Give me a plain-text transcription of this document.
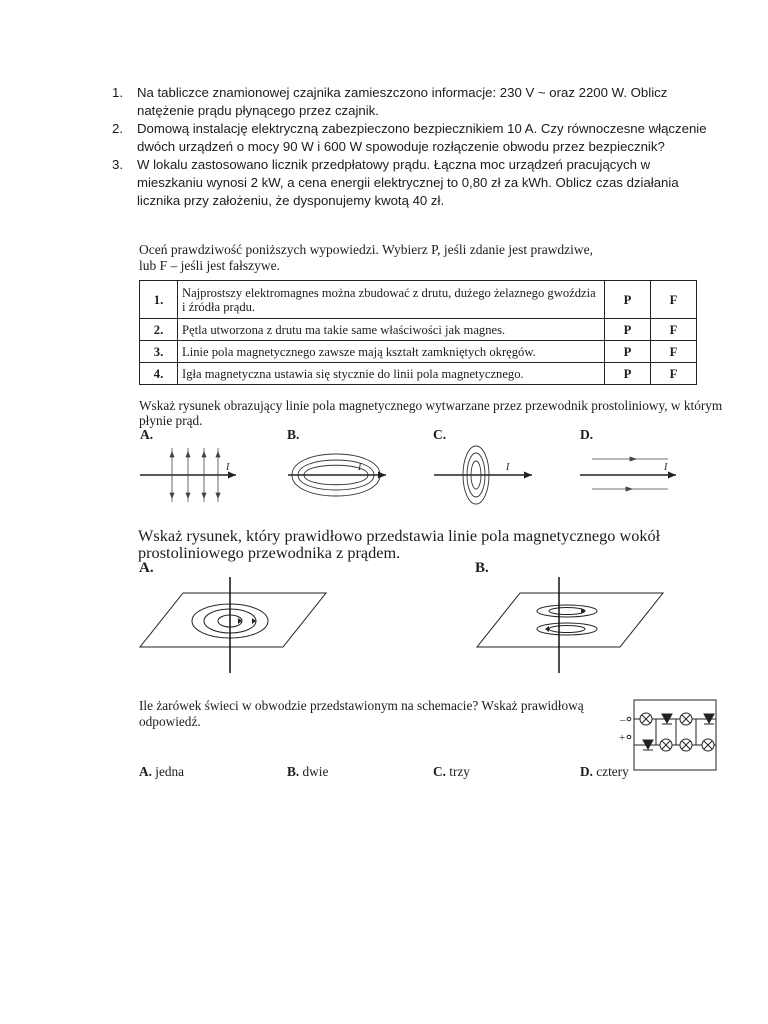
1. Na tabliczce znamionowej czajnika zamieszczono informacje: 230 V ~ oraz 2200 W. Oblicz natężenie prądu płynącego przez czajnik.
2. Domową instalację elektryczną zabezpieczono bezpiecznikiem 10 A. Czy równoczesne włączenie dwóch urządzeń o mocy 90 W i 600 W spowoduje rozłączenie obwodu przez bezpiecznik?
3. W lokalu zastosowano licznik przedpłatowy prądu. Łączna moc urządzeń pracujących w mieszkaniu wynosi 2 kW, a cena energii elektrycznej to 0,80 zł za kWh. Oblicz czas działania licznika przy założeniu, że dysponujemy kwotą 40 zł.
Oceń prawdziwość poniższych wypowiedzi. Wybierz P, jeśli zdanie jest prawdziwe, lub F – jeśli jest fałszywe.
1.	Najprostszy elektromagnes można zbudować z drutu, dużego żelaznego gwoździa i źródła prądu.	P	F
2.	Pętla utworzona z drutu ma takie same właściwości jak magnes.	P	F
3.	Linie pola magnetycznego zawsze mają kształt zamkniętych okręgów.	P	F
4.	Igła magnetyczna ustawia się stycznie do linii pola magnetycznego.	P	F
Wskaż rysunek obrazujący linie pola magnetycznego wytwarzane przez przewodnik prostoliniowy, w którym płynie prąd.
A.	B.	C.	D.
I	I	I	I
Wskaż rysunek, który prawidłowo przedstawia linie pola magnetycznego wokół prostoliniowego przewodnika z prądem.
A.	B.
Ile żarówek świeci w obwodzie przedstawionym na schemacie? Wskaż prawidłową odpowiedź.
A. jedna	B. dwie	C. trzy	D. cztery
–
+
